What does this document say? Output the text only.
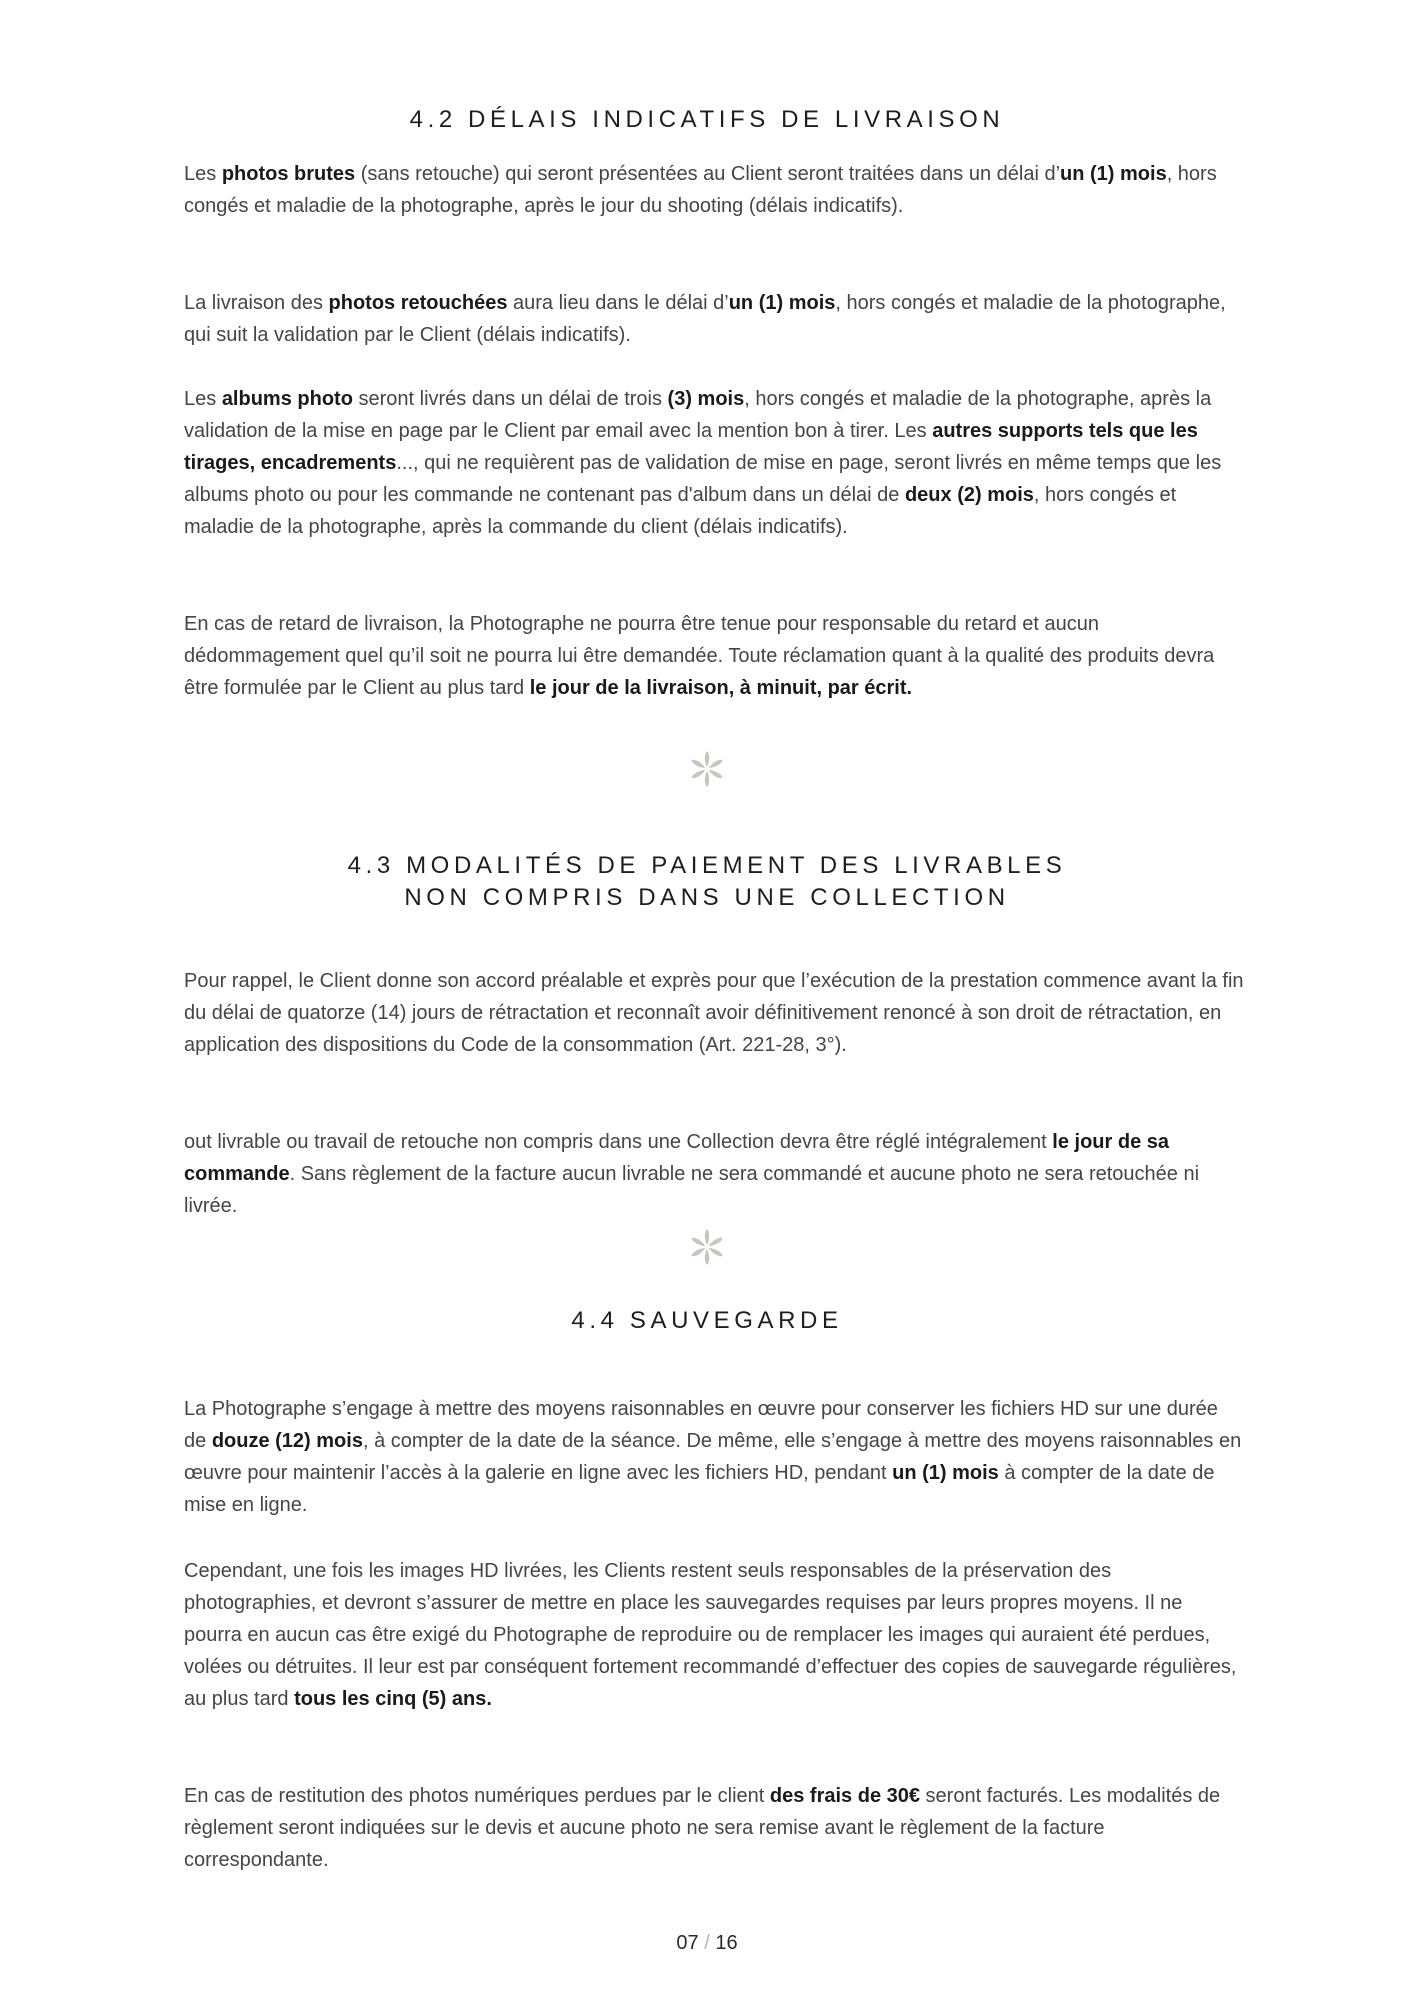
4.2 DÉLAIS INDICATIFS DE LIVRAISON

Les photos brutes (sans retouche) qui seront présentées au Client seront traitées dans un délai d’un (1) mois, hors congés et maladie de la photographe, après le jour du shooting (délais indicatifs).

La livraison des photos retouchées aura lieu dans le délai d’un (1) mois, hors congés et maladie de la photographe, qui suit la validation par le Client (délais indicatifs).

Les albums photo seront livrés dans un délai de trois (3) mois, hors congés et maladie de la photographe, après la validation de la mise en page par le Client par email avec la mention bon à tirer. Les autres supports tels que les tirages, encadrements..., qui ne requièrent pas de validation de mise en page, seront livrés en même temps que les albums photo ou pour les commande ne contenant pas d'album dans un délai de deux (2) mois, hors congés et maladie de la photographe, après la commande du client (délais indicatifs).

En cas de retard de livraison, la Photographe ne pourra être tenue pour responsable du retard et aucun dédommagement quel qu’il soit ne pourra lui être demandée. Toute réclamation quant à la qualité des produits devra être formulée par le Client au plus tard le jour de la livraison, à minuit, par écrit.

4.3 MODALITÉS DE PAIEMENT DES LIVRABLES
NON COMPRIS DANS UNE COLLECTION

Pour rappel, le Client donne son accord préalable et exprès pour que l’exécution de la prestation commence avant la fin du délai de quatorze (14) jours de rétractation et reconnaît avoir définitivement renoncé à son droit de rétractation, en application des dispositions du Code de la consommation (Art. 221-28, 3°).

out livrable ou travail de retouche non compris dans une Collection devra être réglé intégralement le jour de sa commande. Sans règlement de la facture aucun livrable ne sera commandé et aucune photo ne sera retouchée ni livrée.

4.4 SAUVEGARDE

La Photographe s’engage à mettre des moyens raisonnables en œuvre pour conserver les fichiers HD sur une durée de douze (12) mois, à compter de la date de la séance. De même, elle s’engage à mettre des moyens raisonnables en œuvre pour maintenir l’accès à la galerie en ligne avec les fichiers HD, pendant un (1) mois à compter de la date de mise en ligne.

Cependant, une fois les images HD livrées, les Clients restent seuls responsables de la préservation des photographies, et devront s’assurer de mettre en place les sauvegardes requises par leurs propres moyens. Il ne pourra en aucun cas être exigé du Photographe de reproduire ou de remplacer les images qui auraient été perdues, volées ou détruites. Il leur est par conséquent fortement recommandé d’effectuer des copies de sauvegarde régulières, au plus tard tous les cinq (5) ans.

En cas de restitution des photos numériques perdues par le client des frais de 30€ seront facturés. Les modalités de règlement seront indiquées sur le devis et aucune photo ne sera remise avant le règlement de la facture correspondante.

07 / 16
